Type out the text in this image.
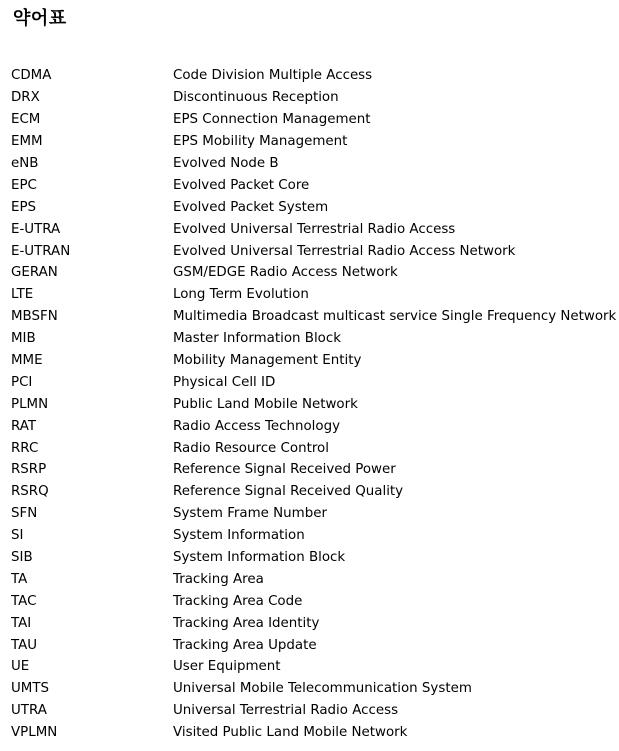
약어표
CDMA	Code Division Multiple Access
DRX	Discontinuous Reception
ECM	EPS Connection Management
EMM	EPS Mobility Management
eNB	Evolved Node B
EPC	Evolved Packet Core
EPS	Evolved Packet System
E-UTRA	Evolved Universal Terrestrial Radio Access
E-UTRAN	Evolved Universal Terrestrial Radio Access Network
GERAN	GSM/EDGE Radio Access Network
LTE	Long Term Evolution
MBSFN	Multimedia Broadcast multicast service Single Frequency Network
MIB	Master Information Block
MME	Mobility Management Entity
PCI	Physical Cell ID
PLMN	Public Land Mobile Network
RAT	Radio Access Technology
RRC	Radio Resource Control
RSRP	Reference Signal Received Power
RSRQ	Reference Signal Received Quality
SFN	System Frame Number
SI	System Information
SIB	System Information Block
TA	Tracking Area
TAC	Tracking Area Code
TAI	Tracking Area Identity
TAU	Tracking Area Update
UE	User Equipment
UMTS	Universal Mobile Telecommunication System
UTRA	Universal Terrestrial Radio Access
VPLMN	Visited Public Land Mobile Network
